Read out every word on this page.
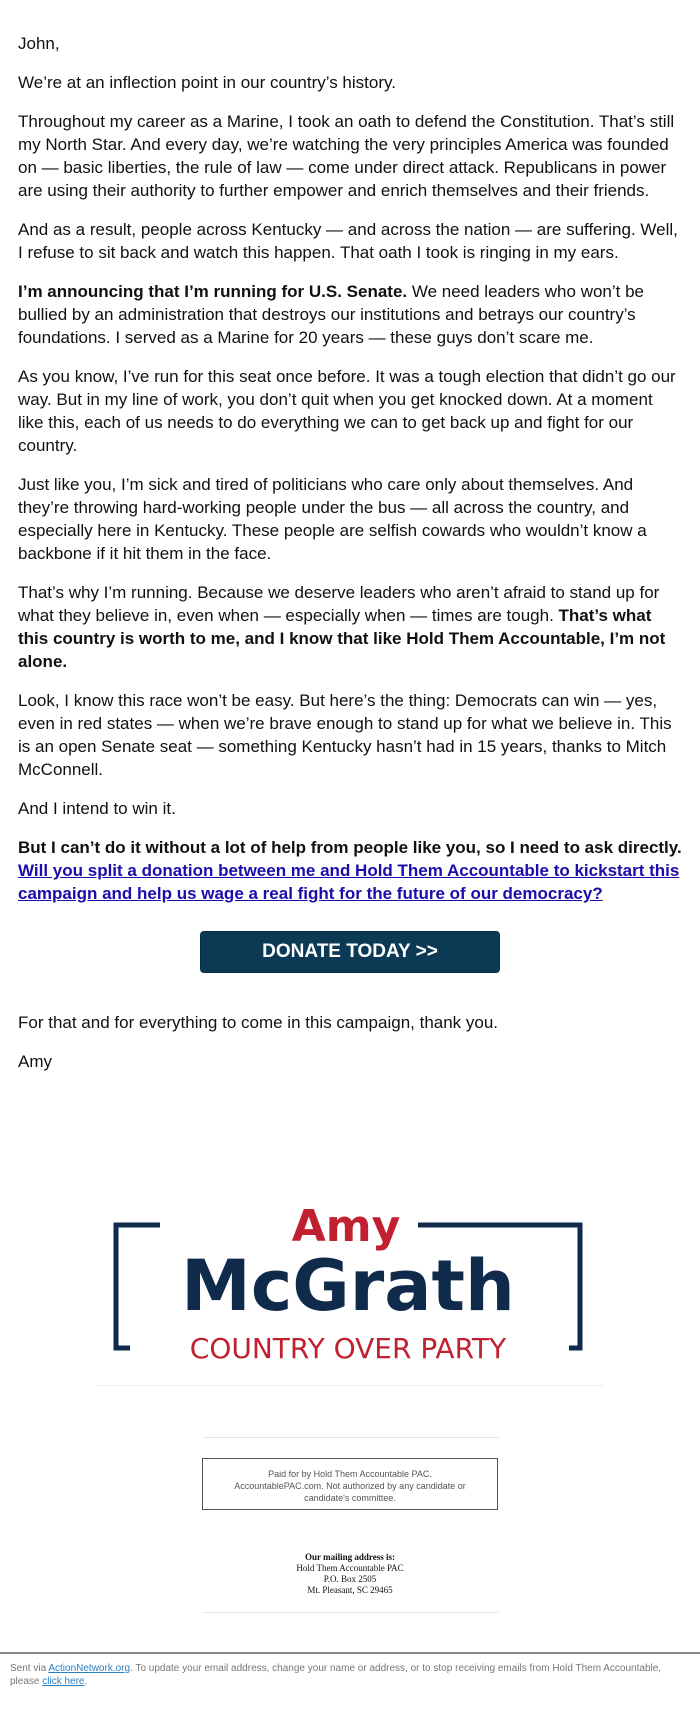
John,

We’re at an inflection point in our country’s history.

Throughout my career as a Marine, I took an oath to defend the Constitution. That’s still my North Star. And every day, we’re watching the very principles America was founded on — basic liberties, the rule of law — come under direct attack. Republicans in power are using their authority to further empower and enrich themselves and their friends.

And as a result, people across Kentucky — and across the nation — are suffering. Well, I refuse to sit back and watch this happen. That oath I took is ringing in my ears.

I’m announcing that I’m running for U.S. Senate. We need leaders who won’t be bullied by an administration that destroys our institutions and betrays our country’s foundations. I served as a Marine for 20 years — these guys don’t scare me.

As you know, I’ve run for this seat once before. It was a tough election that didn’t go our way. But in my line of work, you don’t quit when you get knocked down. At a moment like this, each of us needs to do everything we can to get back up and fight for our country.

Just like you, I’m sick and tired of politicians who care only about themselves. And they’re throwing hard-working people under the bus — all across the country, and especially here in Kentucky. These people are selfish cowards who wouldn’t know a backbone if it hit them in the face.

That’s why I’m running. Because we deserve leaders who aren’t afraid to stand up for what they believe in, even when — especially when — times are tough. That’s what this country is worth to me, and I know that like Hold Them Accountable, I’m not alone.

Look, I know this race won’t be easy. But here’s the thing: Democrats can win — yes, even in red states — when we’re brave enough to stand up for what we believe in. This is an open Senate seat — something Kentucky hasn’t had in 15 years, thanks to Mitch McConnell.

And I intend to win it.

But I can’t do it without a lot of help from people like you, so I need to ask directly. Will you split a donation between me and Hold Them Accountable to kickstart this campaign and help us wage a real fight for the future of our democracy?

DONATE TODAY >>

For that and for everything to come in this campaign, thank you.

Amy

Amy
McGrath
COUNTRY OVER PARTY
Paid for by Hold Them Accountable PAC.
AccountablePAC.com. Not authorized by any candidate or candidate's committee.
Our mailing address is:
Hold Them Accountable PAC
P.O. Box 2505
Mt. Pleasant, SC 29465
Sent via ActionNetwork.org. To update your email address, change your name or address, or to stop receiving emails from Hold Them Accountable, please click here.
